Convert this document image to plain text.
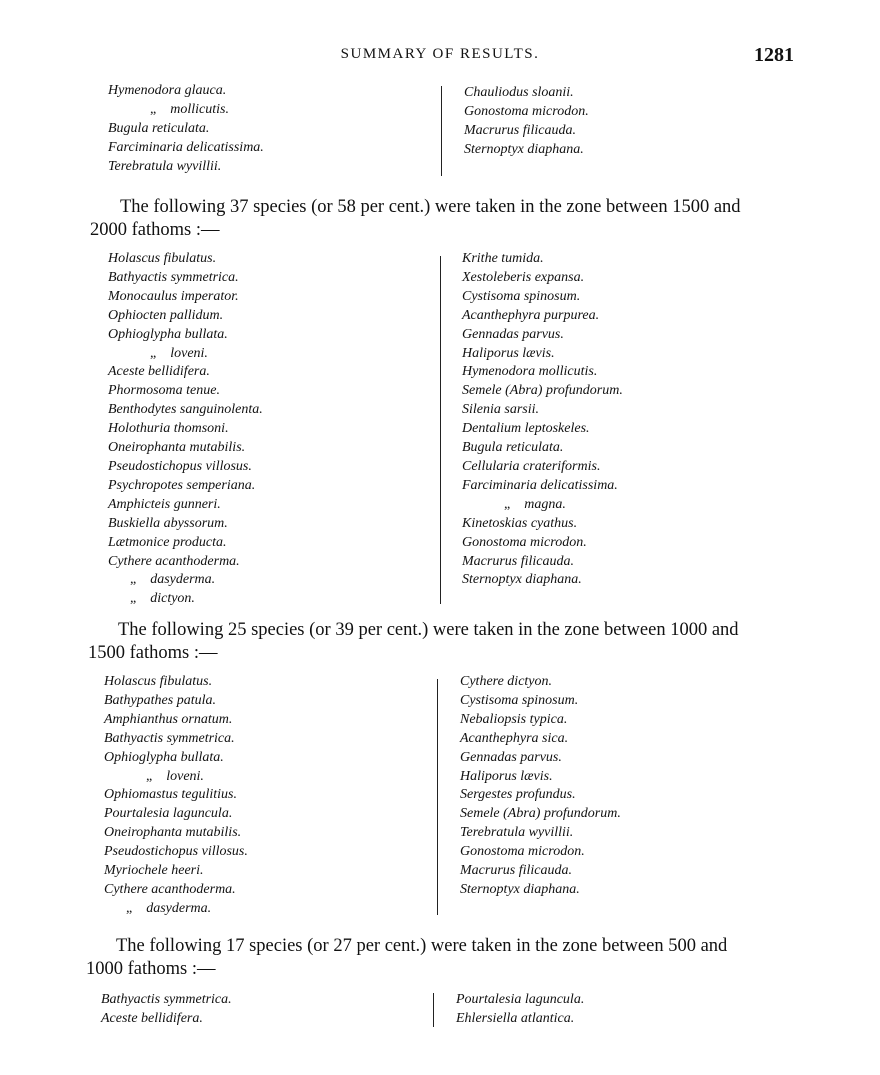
SUMMARY OF RESULTS.	1281
Hymenodora glauca.
„ mollicutis.
Bugula reticulata.
Farciminaria delicatissima.
Terebratula wyvillii.
Chauliodus sloanii.
Gonostoma microdon.
Macrurus filicauda.
Sternoptyx diaphana.
The following 37 species (or 58 per cent.) were taken in the zone between 1500 and
2000 fathoms :—
Holascus fibulatus.
Bathyactis symmetrica.
Monocaulus imperator.
Ophiocten pallidum.
Ophioglypha bullata.
„ loveni.
Aceste bellidifera.
Phormosoma tenue.
Benthodytes sanguinolenta.
Holothuria thomsoni.
Oneirophanta mutabilis.
Pseudostichopus villosus.
Psychropotes semperiana.
Amphicteis gunneri.
Buskiella abyssorum.
Lætmonice producta.
Cythere acanthoderma.
„ dasyderma.
„ dictyon.
Krithe tumida.
Xestoleberis expansa.
Cystisoma spinosum.
Acanthephyra purpurea.
Gennadas parvus.
Haliporus lævis.
Hymenodora mollicutis.
Semele (Abra) profundorum.
Silenia sarsii.
Dentalium leptoskeles.
Bugula reticulata.
Cellularia crateriformis.
Farciminaria delicatissima.
„ magna.
Kinetoskias cyathus.
Gonostoma microdon.
Macrurus filicauda.
Sternoptyx diaphana.
The following 25 species (or 39 per cent.) were taken in the zone between 1000 and
1500 fathoms :—
Holascus fibulatus.
Bathypathes patula.
Amphianthus ornatum.
Bathyactis symmetrica.
Ophioglypha bullata.
„ loveni.
Ophiomastus tegulitius.
Pourtalesia laguncula.
Oneirophanta mutabilis.
Pseudostichopus villosus.
Myriochele heeri.
Cythere acanthoderma.
„ dasyderma.
Cythere dictyon.
Cystisoma spinosum.
Nebaliopsis typica.
Acanthephyra sica.
Gennadas parvus.
Haliporus lævis.
Sergestes profundus.
Semele (Abra) profundorum.
Terebratula wyvillii.
Gonostoma microdon.
Macrurus filicauda.
Sternoptyx diaphana.
The following 17 species (or 27 per cent.) were taken in the zone between 500 and
1000 fathoms :—
Bathyactis symmetrica.
Aceste bellidifera.
Pourtalesia laguncula.
Ehlersiella atlantica.
